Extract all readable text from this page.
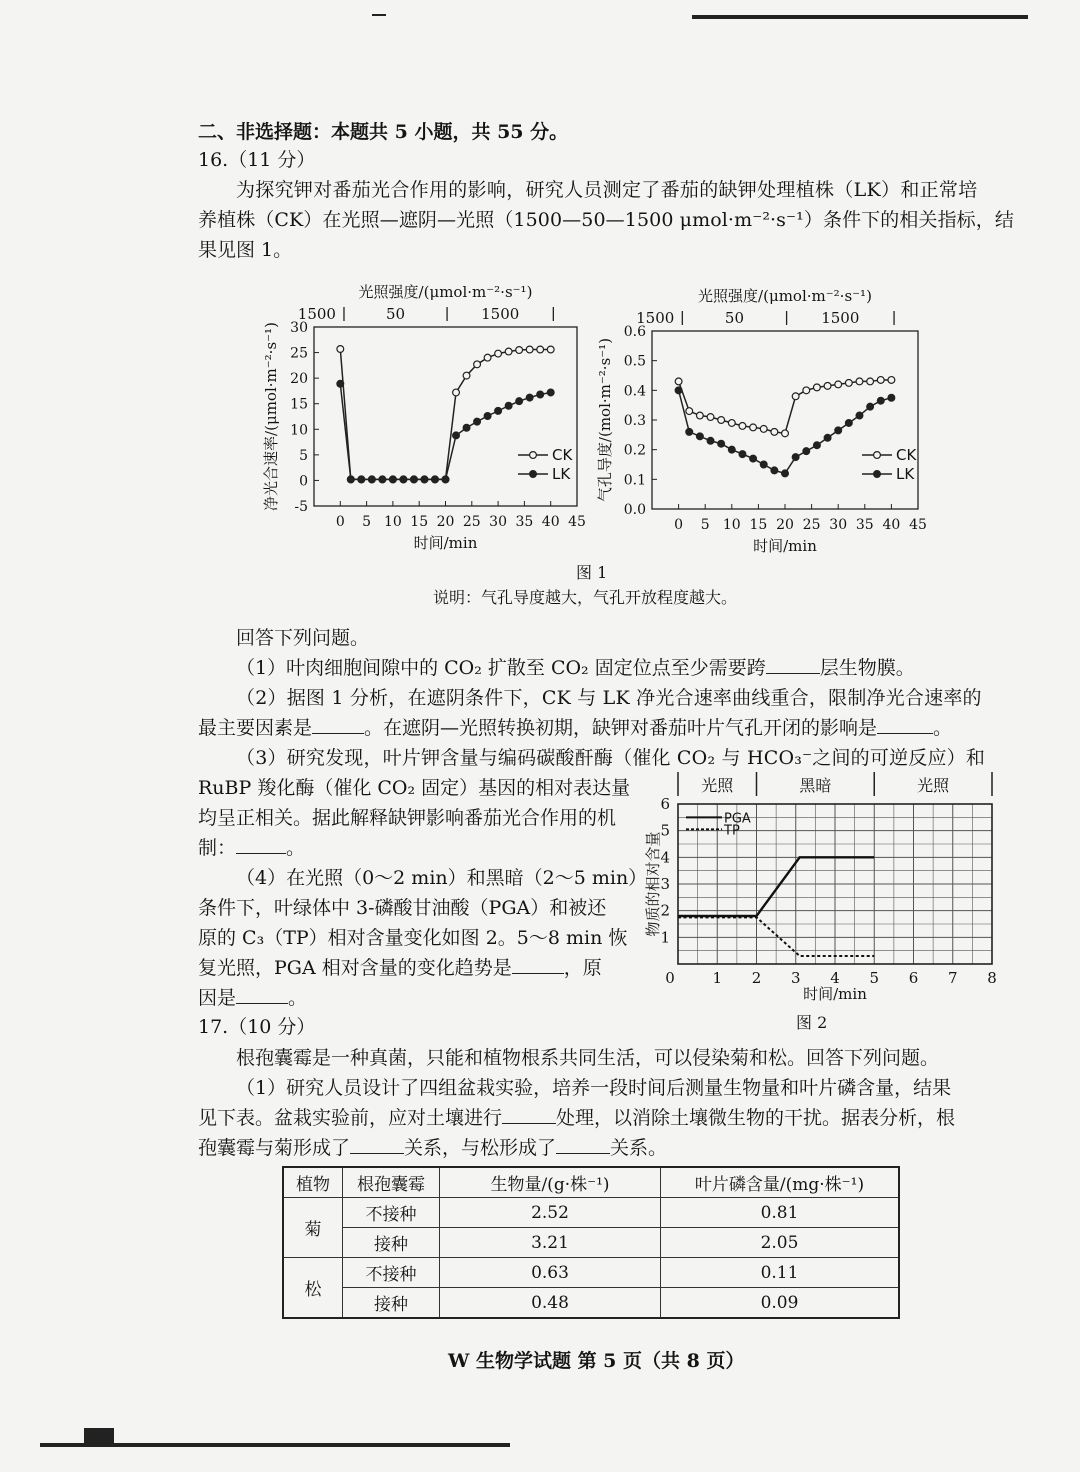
二、非选择题：本题共 5 小题，共 55 分。
16.（11 分）
为探究钾对番茄光合作用的影响，研究人员测定了番茄的缺钾处理植株（LK）和正常培
养植株（CK）在光照—遮阴—光照（1500—50—1500 μmol·m⁻²·s⁻¹）条件下的相关指标，结
果见图 1。
-5
0
5
10
15
20
25
30
0 5 10 15 20 25 30 35 40 45
时间/min
净光合速率/(μmol·m⁻²·s⁻¹)
光照强度/(μmol·m⁻²·s⁻¹)
1500	50	1500
CK
LK
0.0
0.1
0.2
0.3
0.4
0.5
0.6
0 5 10 15 20 25 30 35 40 45
时间/min
气孔导度/(mol·m⁻²·s⁻¹)
光照强度/(μmol·m⁻²·s⁻¹)
1500	50	1500
CK
LK
图 1
说明：气孔导度越大，气孔开放程度越大。
回答下列问题。
（1）叶肉细胞间隙中的 CO₂ 扩散至 CO₂ 固定位点至少需要跨	层生物膜。
（2）据图 1 分析，在遮阴条件下，CK 与 LK 净光合速率曲线重合，限制净光合速率的
最主要因素是	。在遮阴—光照转换初期，缺钾对番茄叶片气孔开闭的影响是	。
（3）研究发现，叶片钾含量与编码碳酸酐酶（催化 CO₂ 与 HCO₃⁻之间的可逆反应）和
RuBP 羧化酶（催化 CO₂ 固定）基因的相对表达量
均呈正相关。据此解释缺钾影响番茄光合作用的机
制：	。
（4）在光照（0～2 min）和黑暗（2～5 min）
条件下，叶绿体中 3-磷酸甘油酸（PGA）和被还
原的 C₃（TP）相对含量变化如图 2。5～8 min 恢
复光照，PGA 相对含量的变化趋势是	，原
因是	。
光照	黑暗	光照
1
2
3
4
5
6
0	1 2 3 4 5 6 7 8
时间/min
物质的相对含量
PGA
TP
图 2
17.（10 分）
根孢囊霉是一种真菌，只能和植物根系共同生活，可以侵染菊和松。回答下列问题。
（1）研究人员设计了四组盆栽实验，培养一段时间后测量生物量和叶片磷含量，结果
见下表。盆栽实验前，应对土壤进行	处理，以消除土壤微生物的干扰。据表分析，根
孢囊霉与菊形成了	关系，与松形成了	关系。
植物	根孢囊霉	生物量/(g·株⁻¹)	叶片磷含量/(mg·株⁻¹)
菊	不接种	2.52	0.81
	接种	3.21	2.05
松	不接种	0.63	0.11
	接种	0.48	0.09
W 生物学试题 第 5 页（共 8 页）
